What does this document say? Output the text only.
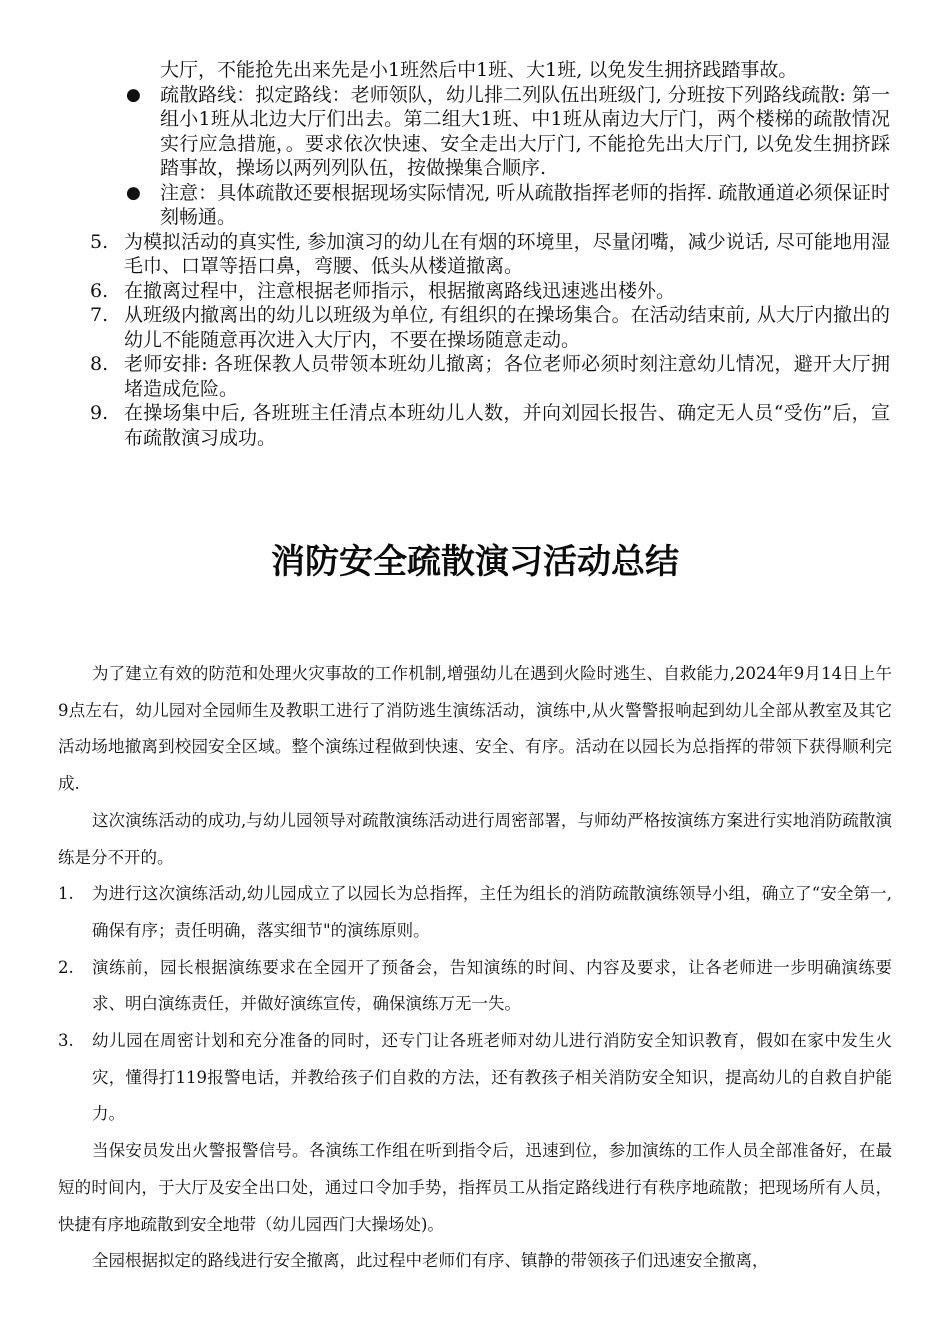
大厅，不能抢先出来先是小1班然后中1班、大1班, 以免发生拥挤践踏事故。
● 疏散路线：拟定路线：老师领队，幼儿排二列队伍出班级门, 分班按下列路线疏散: 第一组小1班从北边大厅们出去。第二组大1班、中1班从南边大厅门，两个楼梯的疏散情况实行应急措施，。要求依次快速、安全走出大厅门, 不能抢先出大厅门, 以免发生拥挤踩踏事故，操场以两列列队伍，按做操集合顺序.
● 注意：具体疏散还要根据现场实际情况, 听从疏散指挥老师的指挥. 疏散通道必须保证时刻畅通。
5. 为模拟活动的真实性, 参加演习的幼儿在有烟的环境里，尽量闭嘴，减少说话, 尽可能地用湿毛巾、口罩等捂口鼻，弯腰、低头从楼道撤离。
6. 在撤离过程中，注意根据老师指示，根据撤离路线迅速逃出楼外。
7. 从班级内撤离出的幼儿以班级为单位, 有组织的在操场集合。在活动结束前, 从大厅内撤出的幼儿不能随意再次进入大厅内，不要在操场随意走动。
8. 老师安排: 各班保教人员带领本班幼儿撤离；各位老师必须时刻注意幼儿情况，避开大厅拥堵造成危险。
9. 在操场集中后, 各班班主任清点本班幼儿人数，并向刘园长报告、确定无人员“受伤”后，宣布疏散演习成功。
消防安全疏散演习活动总结

为了建立有效的防范和处理火灾事故的工作机制,增强幼儿在遇到火险时逃生、自救能力,2024年9月14日上午9点左右，幼儿园对全园师生及教职工进行了消防逃生演练活动，演练中,从火警警报响起到幼儿全部从教室及其它活动场地撤离到校园安全区域。整个演练过程做到快速、安全、有序。活动在以园长为总指挥的带领下获得顺利完成.

这次演练活动的成功,与幼儿园领导对疏散演练活动进行周密部署，与师幼严格按演练方案进行实地消防疏散演练是分不开的。

1. 为进行这次演练活动,幼儿园成立了以园长为总指挥，主任为组长的消防疏散演练领导小组，确立了“安全第一,确保有序；责任明确，落实细节"的演练原则。
2. 演练前，园长根据演练要求在全园开了预备会，告知演练的时间、内容及要求，让各老师进一步明确演练要求、明白演练责任，并做好演练宣传，确保演练万无一失。
3. 幼儿园在周密计划和充分准备的同时，还专门让各班老师对幼儿进行消防安全知识教育，假如在家中发生火灾，懂得打119报警电话，并教给孩子们自救的方法，还有教孩子相关消防安全知识，提高幼儿的自救自护能力。

当保安员发出火警报警信号。各演练工作组在听到指令后，迅速到位，参加演练的工作人员全部准备好，在最短的时间内，于大厅及安全出口处，通过口令加手势，指挥员工从指定路线进行有秩序地疏散；把现场所有人员，快捷有序地疏散到安全地带（幼儿园西门大操场处)。

全园根据拟定的路线进行安全撤离，此过程中老师们有序、镇静的带领孩子们迅速安全撤离，
